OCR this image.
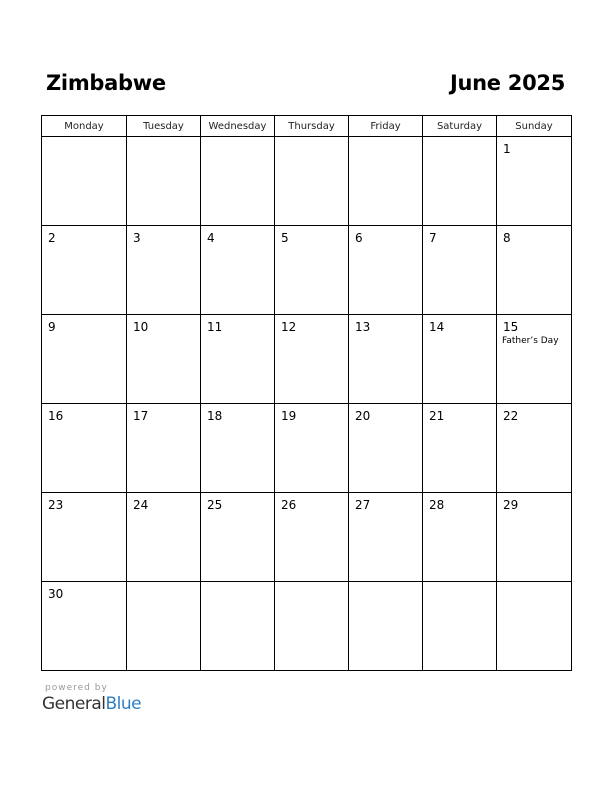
Zimbabwe	June 2025
Monday	Tuesday	Wednesday	Thursday	Friday	Saturday	Sunday

						1

2	3	4	5	6	7	8

9	10	11	12	13	14	15
Father’s Day

16	17	18	19	20	21	22

23	24	25	26	27	28	29

30						

powered by
GeneralBlue
